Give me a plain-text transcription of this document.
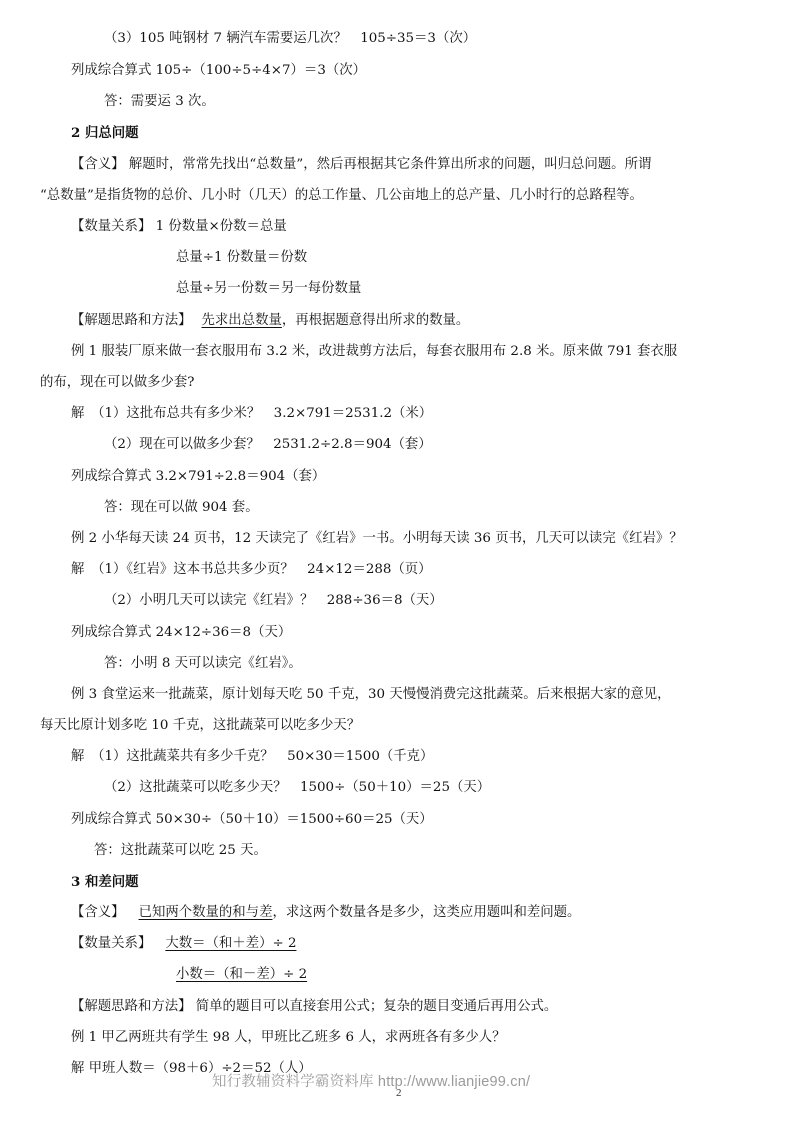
（3）105 吨钢材 7 辆汽车需要运几次？　105÷35＝3（次）
列成综合算式 105÷（100÷5÷4×7）＝3（次）
答：需要运 3 次。
2 归总问题
【含义】 解题时，常常先找出“总数量”，然后再根据其它条件算出所求的问题，叫归总问题。所谓
“总数量”是指货物的总价、几小时（几天）的总工作量、几公亩地上的总产量、几小时行的总路程等。
【数量关系】 1 份数量×份数＝总量
总量÷1 份数量＝份数
总量÷另一份数＝另一每份数量
【解题思路和方法】 先求出总数量，再根据题意得出所求的数量。
例 1 服装厂原来做一套衣服用布 3.2 米，改进裁剪方法后，每套衣服用布 2.8 米。原来做 791 套衣服
的布，现在可以做多少套?
解　（1）这批布总共有多少米？　3.2×791＝2531.2（米）
（2）现在可以做多少套？　2531.2÷2.8＝904（套）
列成综合算式 3.2×791÷2.8＝904（套）
答：现在可以做 904 套。
例 2 小华每天读 24 页书，12 天读完了《红岩》一书。小明每天读 36 页书，几天可以读完《红岩》？
解　（1）《红岩》这本书总共多少页？　24×12＝288（页）
（2）小明几天可以读完《红岩》？　288÷36＝8（天）
列成综合算式 24×12÷36＝8（天）
答：小明 8 天可以读完《红岩》。
例 3 食堂运来一批蔬菜，原计划每天吃 50 千克，30 天慢慢消费完这批蔬菜。后来根据大家的意见，
每天比原计划多吃 10 千克，这批蔬菜可以吃多少天？
解　（1）这批蔬菜共有多少千克？　50×30＝1500（千克）
（2）这批蔬菜可以吃多少天？　1500÷（50＋10）＝25（天）
列成综合算式 50×30÷（50＋10）＝1500÷60＝25（天）
答：这批蔬菜可以吃 25 天。
3 和差问题
【含义】 已知两个数量的和与差，求这两个数量各是多少，这类应用题叫和差问题。
【数量关系】 大数＝（和＋差）÷ 2
小数＝（和－差）÷ 2
【解题思路和方法】 简单的题目可以直接套用公式；复杂的题目变通后再用公式。
例 1 甲乙两班共有学生 98 人，甲班比乙班多 6 人，求两班各有多少人？
解 甲班人数＝（98＋6）÷2＝52（人）
知行教辅资料学霸资料库 http://www.lianjie99.cn/
2
